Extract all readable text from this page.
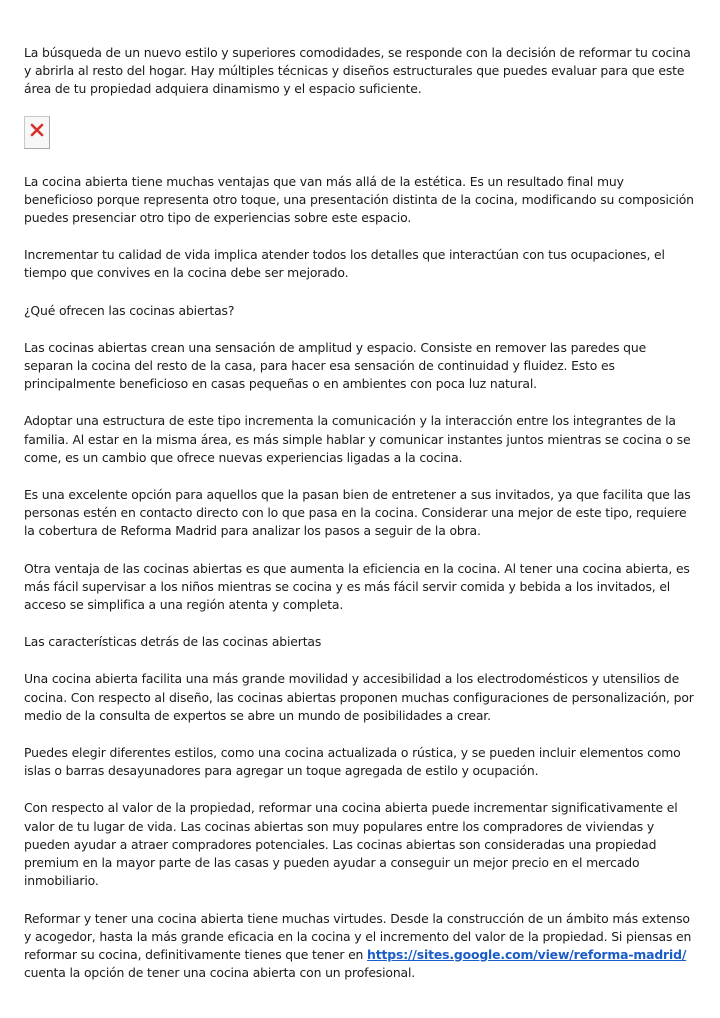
La búsqueda de un nuevo estilo y superiores comodidades, se responde con la decisión de reformar tu cocina y abrirla al resto del hogar. Hay múltiples técnicas y diseños estructurales que puedes evaluar para que este área de tu propiedad adquiera dinamismo y el espacio suficiente.

La cocina abierta tiene muchas ventajas que van más allá de la estética. Es un resultado final muy beneficioso porque representa otro toque, una presentación distinta de la cocina, modificando su composición puedes presenciar otro tipo de experiencias sobre este espacio.

Incrementar tu calidad de vida implica atender todos los detalles que interactúan con tus ocupaciones, el tiempo que convives en la cocina debe ser mejorado.

¿Qué ofrecen las cocinas abiertas?

Las cocinas abiertas crean una sensación de amplitud y espacio. Consiste en remover las paredes que separan la cocina del resto de la casa, para hacer esa sensación de continuidad y fluidez. Esto es principalmente beneficioso en casas pequeñas o en ambientes con poca luz natural.

Adoptar una estructura de este tipo incrementa la comunicación y la interacción entre los integrantes de la familia. Al estar en la misma área, es más simple hablar y comunicar instantes juntos mientras se cocina o se come, es un cambio que ofrece nuevas experiencias ligadas a la cocina.

Es una excelente opción para aquellos que la pasan bien de entretener a sus invitados, ya que facilita que las personas estén en contacto directo con lo que pasa en la cocina. Considerar una mejor de este tipo, requiere la cobertura de Reforma Madrid para analizar los pasos a seguir de la obra.

Otra ventaja de las cocinas abiertas es que aumenta la eficiencia en la cocina. Al tener una cocina abierta, es más fácil supervisar a los niños mientras se cocina y es más fácil servir comida y bebida a los invitados, el acceso se simplifica a una región atenta y completa.

Las características detrás de las cocinas abiertas

Una cocina abierta facilita una más grande movilidad y accesibilidad a los electrodomésticos y utensilios de cocina. Con respecto al diseño, las cocinas abiertas proponen muchas configuraciones de personalización, por medio de la consulta de expertos se abre un mundo de posibilidades a crear.

Puedes elegir diferentes estilos, como una cocina actualizada o rústica, y se pueden incluir elementos como islas o barras desayunadores para agregar un toque agregada de estilo y ocupación.

Con respecto al valor de la propiedad, reformar una cocina abierta puede incrementar significativamente el valor de tu lugar de vida. Las cocinas abiertas son muy populares entre los compradores de viviendas y pueden ayudar a atraer compradores potenciales. Las cocinas abiertas son consideradas una propiedad premium en la mayor parte de las casas y pueden ayudar a conseguir un mejor precio en el mercado inmobiliario.

Reformar y tener una cocina abierta tiene muchas virtudes. Desde la construcción de un ámbito más extenso y acogedor, hasta la más grande eficacia en la cocina y el incremento del valor de la propiedad. Si piensas en reformar su cocina, definitivamente tienes que tener en https://sites.google.com/view/reforma-madrid/ cuenta la opción de tener una cocina abierta con un profesional.
